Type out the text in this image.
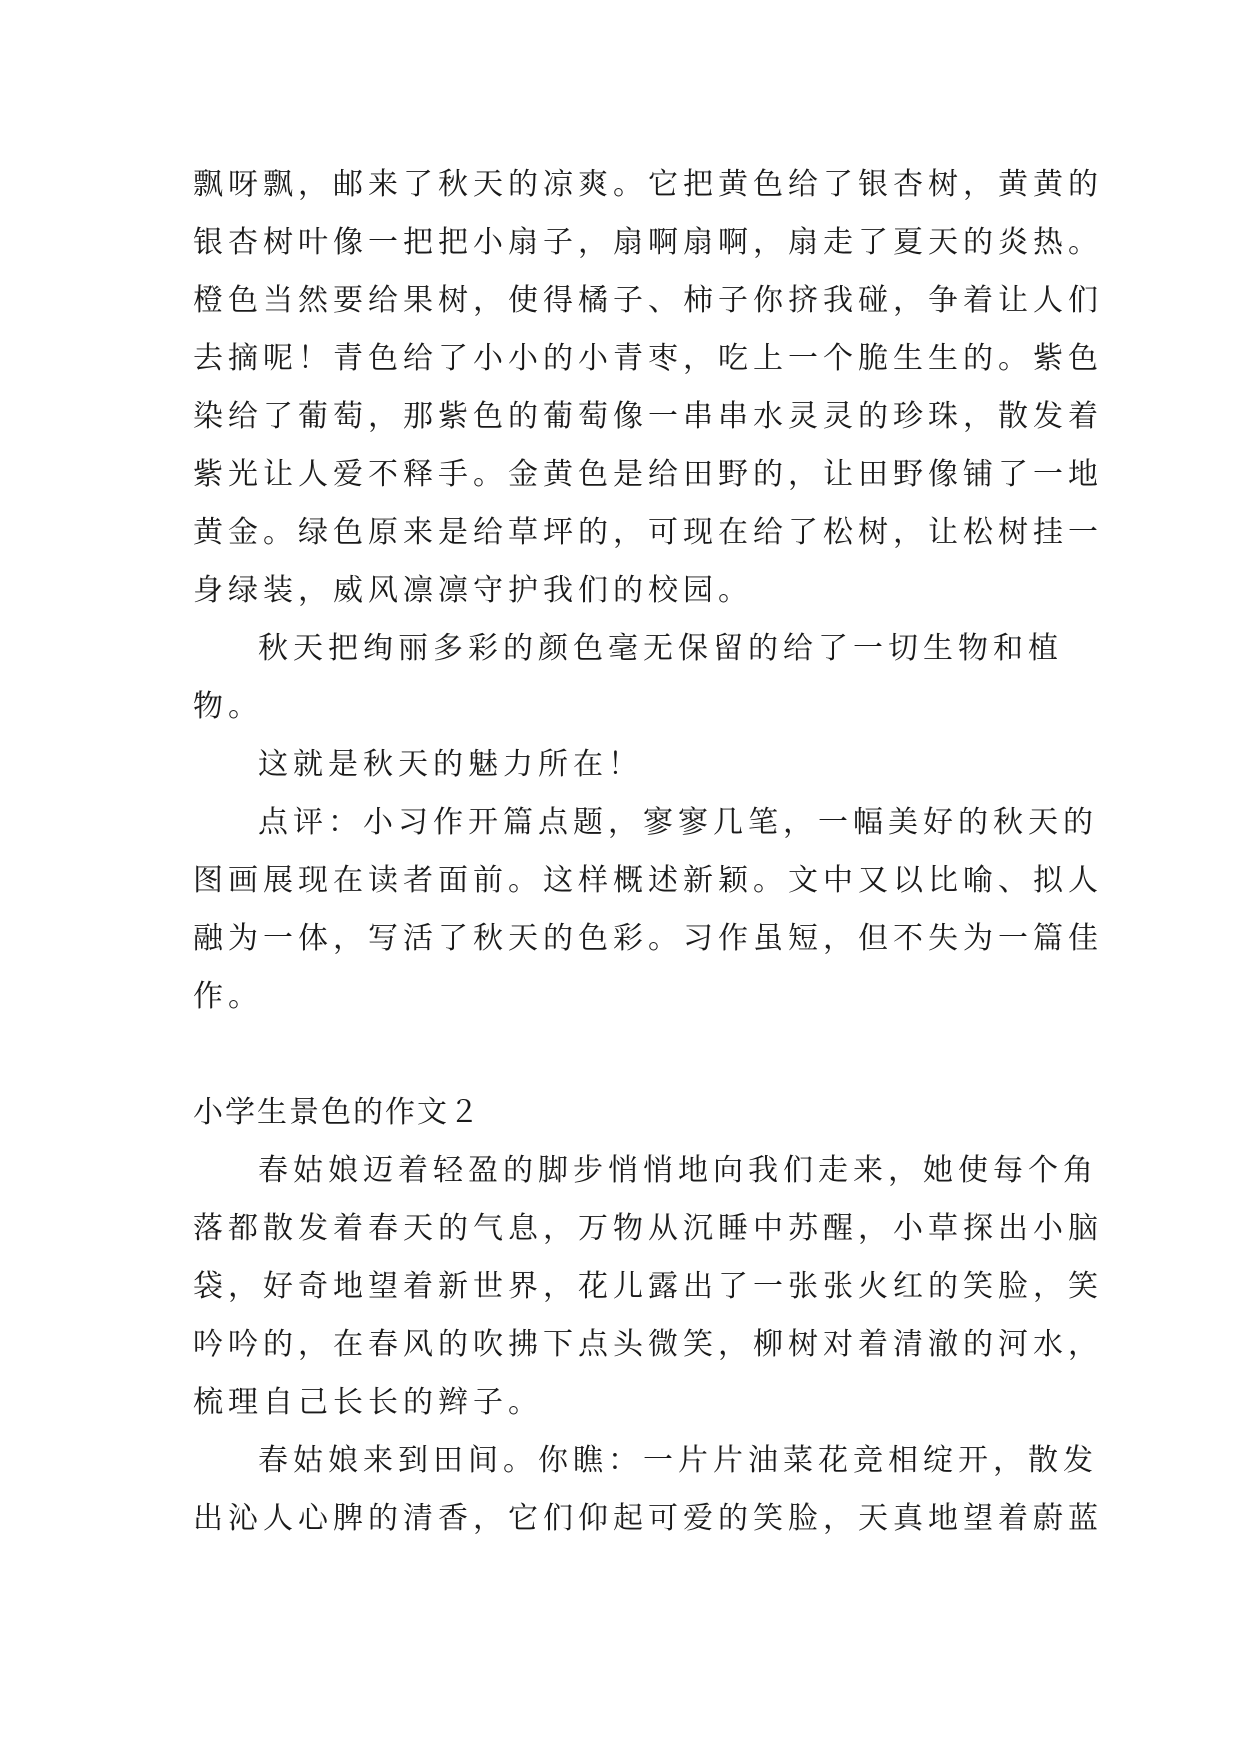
飘呀飘，邮来了秋天的凉爽。它把黄色给了银杏树，黄黄的
银杏树叶像一把把小扇子，扇啊扇啊，扇走了夏天的炎热。
橙色当然要给果树，使得橘子、柿子你挤我碰，争着让人们
去摘呢！青色给了小小的小青枣，吃上一个脆生生的。紫色
染给了葡萄，那紫色的葡萄像一串串水灵灵的珍珠，散发着
紫光让人爱不释手。金黄色是给田野的，让田野像铺了一地
黄金。绿色原来是给草坪的，可现在给了松树，让松树挂一
身绿装，威风凛凛守护我们的校园。
秋天把绚丽多彩的颜色毫无保留的给了一切生物和植
物。
这就是秋天的魅力所在！
点评：小习作开篇点题，寥寥几笔，一幅美好的秋天的
图画展现在读者面前。这样概述新颖。文中又以比喻、拟人
融为一体，写活了秋天的色彩。习作虽短，但不失为一篇佳
作。
小学生景色的作文２
春姑娘迈着轻盈的脚步悄悄地向我们走来，她使每个角
落都散发着春天的气息，万物从沉睡中苏醒，小草探出小脑
袋，好奇地望着新世界，花儿露出了一张张火红的笑脸，笑
吟吟的，在春风的吹拂下点头微笑，柳树对着清澈的河水，
梳理自己长长的辫子。
春姑娘来到田间。你瞧：一片片油菜花竞相绽开，散发
出沁人心脾的清香，它们仰起可爱的笑脸，天真地望着蔚蓝
